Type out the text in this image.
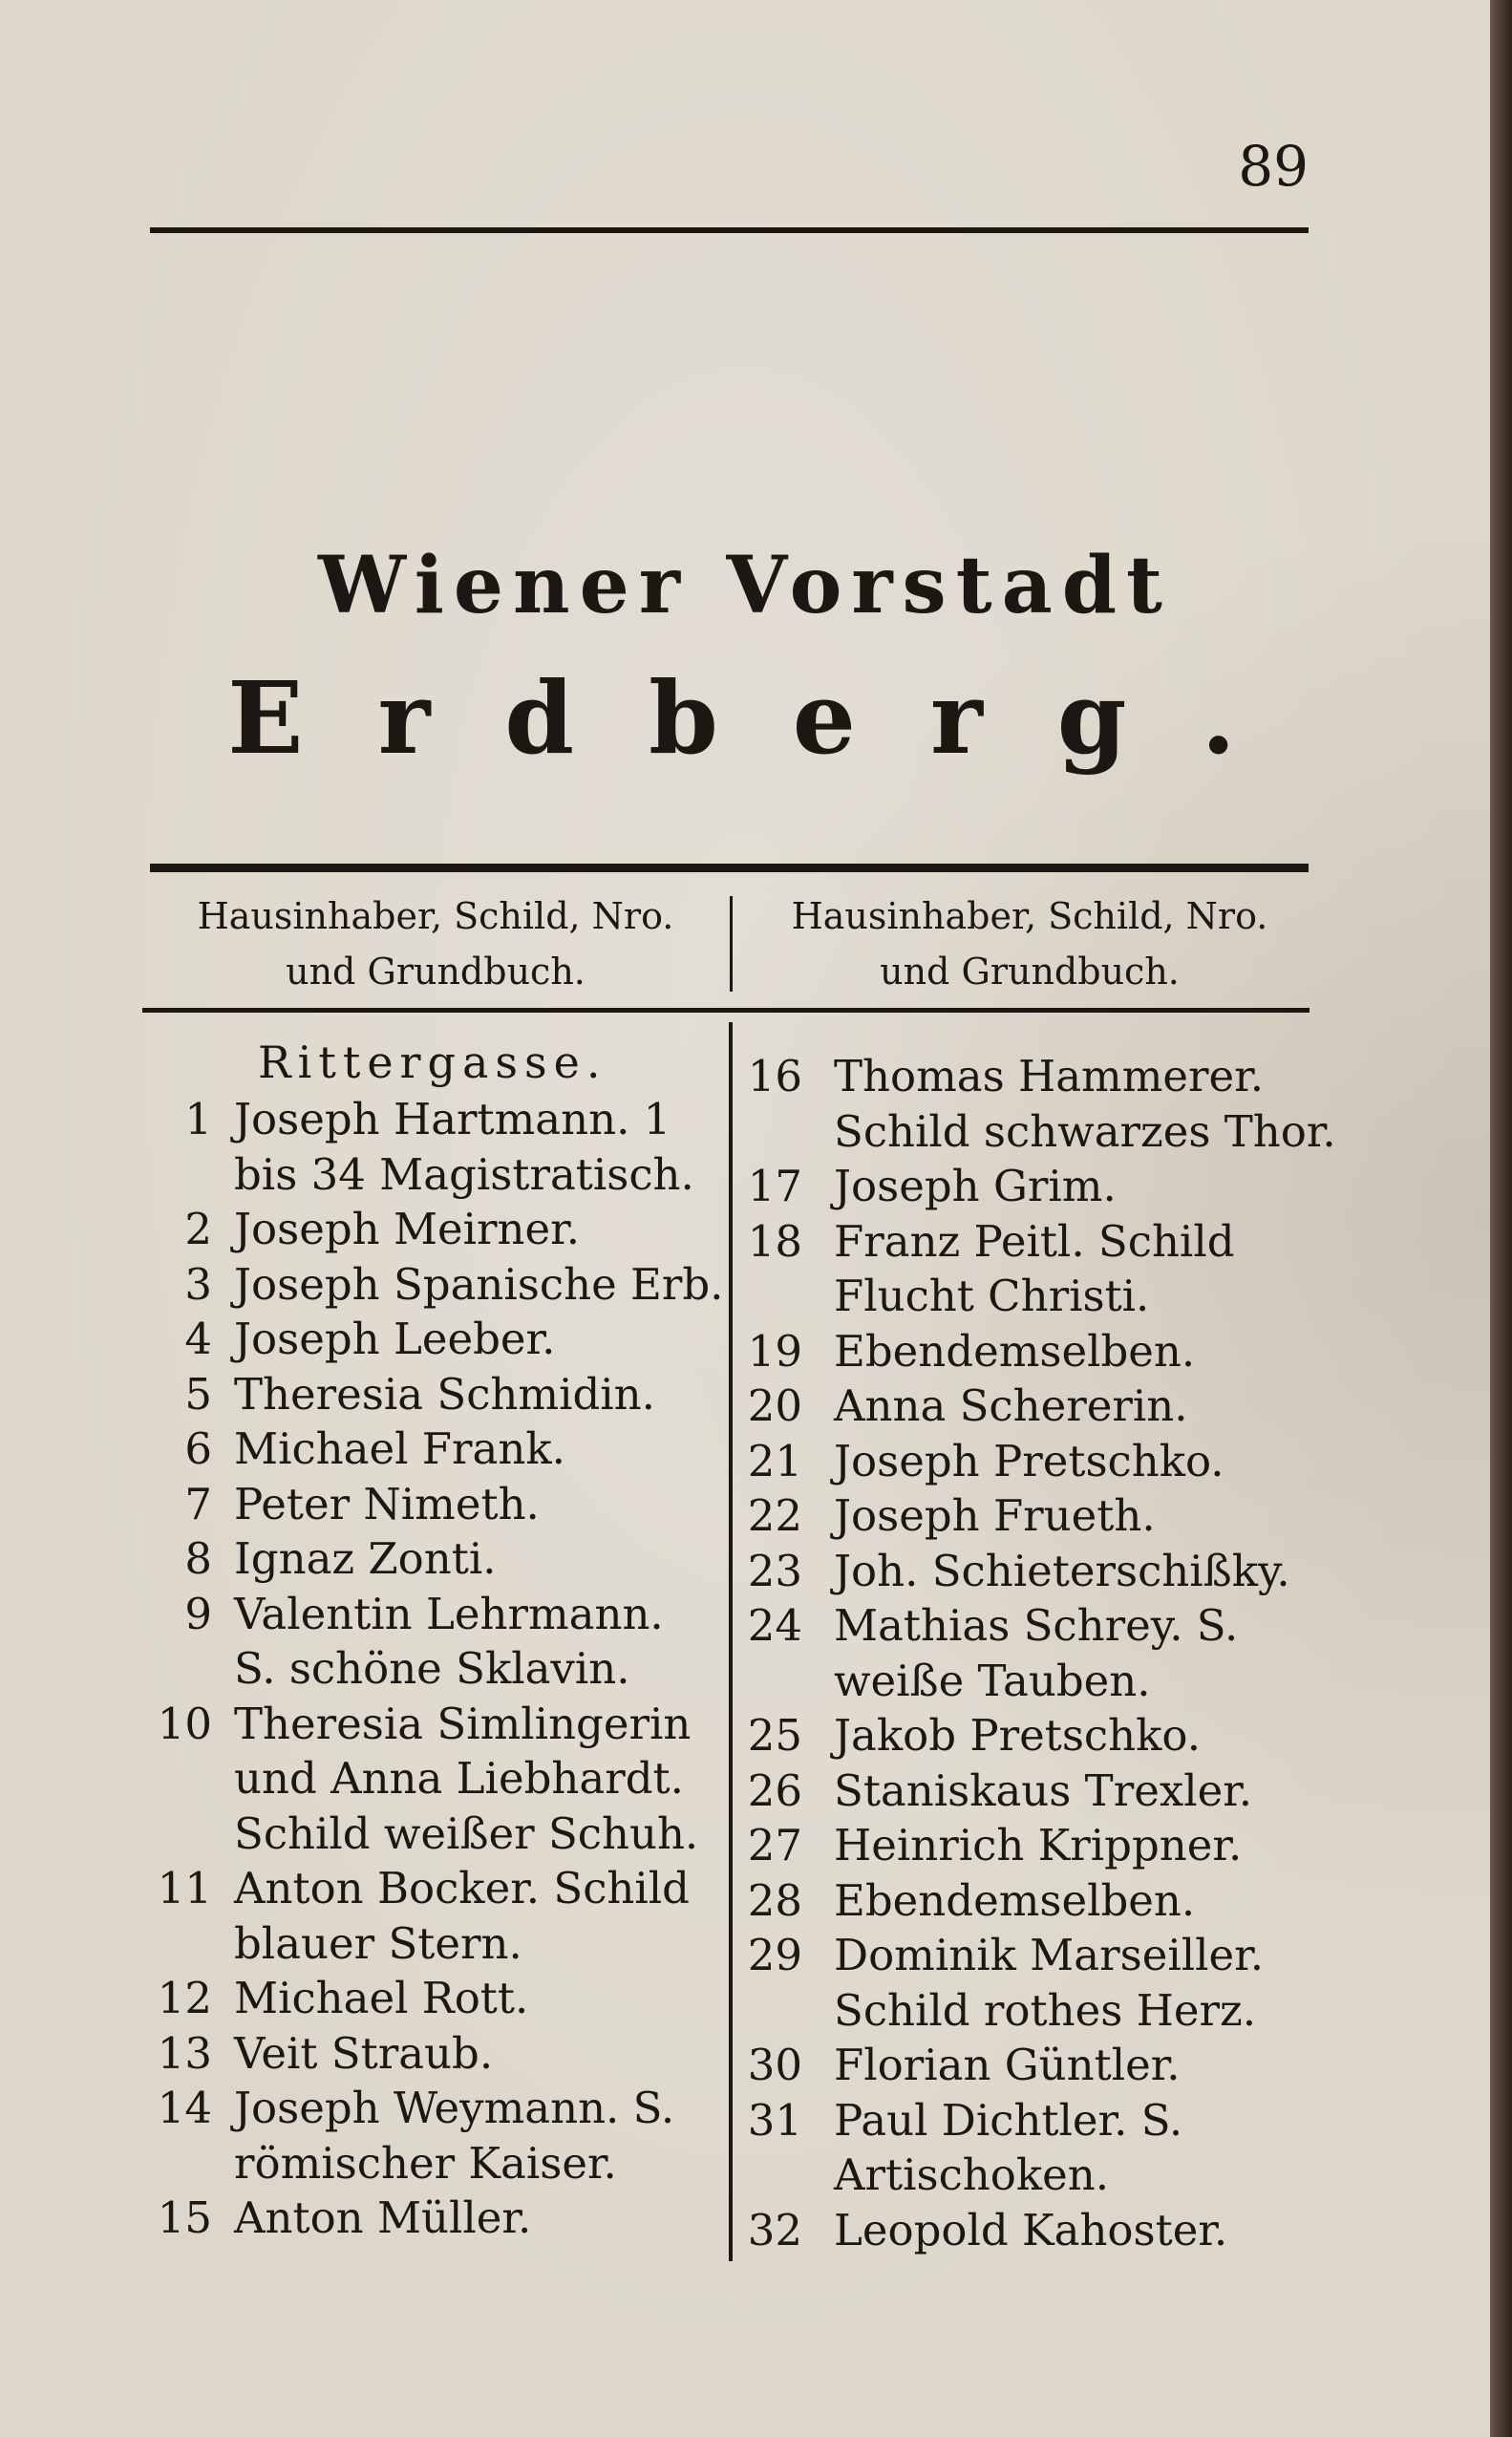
89
Wiener Vorstadt
Erdberg.
Hausinhaber, Schild, Nro.
und Grundbuch.
Hausinhaber, Schild, Nro.
und Grundbuch.
Rittergasse.
1 Joseph Hartmann. 1
bis 34 Magistratisch.
2 Joseph Meirner.
3 Joseph Spanische Erb.
4 Joseph Leeber.
5 Theresia Schmidin.
6 Michael Frank.
7 Peter Nimeth.
8 Ignaz Zonti.
9 Valentin Lehrmann.
S. schöne Sklavin.
10 Theresia Simlingerin
und Anna Liebhardt.
Schild weißer Schuh.
11 Anton Bocker. Schild
blauer Stern.
12 Michael Rott.
13 Veit Straub.
14 Joseph Weymann. S.
römischer Kaiser.
15 Anton Müller.
16 Thomas Hammerer.
Schild schwarzes Thor.
17 Joseph Grim.
18 Franz Peitl. Schild
Flucht Christi.
19 Ebendemselben.
20 Anna Schererin.
21 Joseph Pretschko.
22 Joseph Frueth.
23 Joh. Schieterschißky.
24 Mathias Schrey. S.
weiße Tauben.
25 Jakob Pretschko.
26 Staniskaus Trexler.
27 Heinrich Krippner.
28 Ebendemselben.
29 Dominik Marseiller.
Schild rothes Herz.
30 Florian Güntler.
31 Paul Dichtler. S.
Artischoken.
32 Leopold Kahoster.
